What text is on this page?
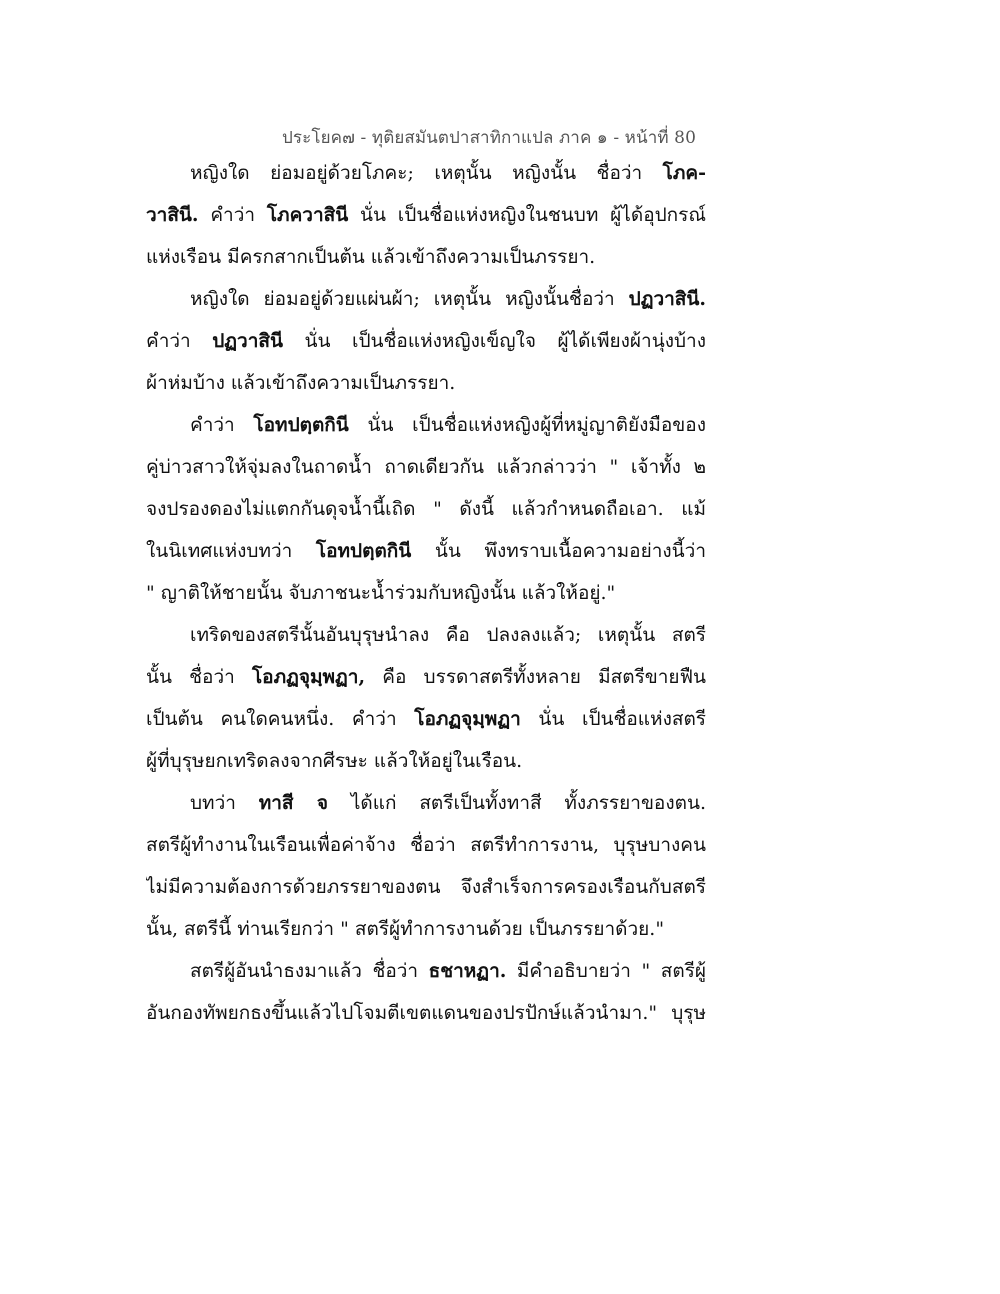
ประโยค๗ - ทุติยสมันตปาสาทิกาแปล ภาค ๑ - หน้าที่ 80
หญิงใด ย่อมอยู่ด้วยโภคะ; เหตุนั้น หญิงนั้น ชื่อว่า โภค-
วาสินี. คำว่า โภควาสินี นั่น เป็นชื่อแห่งหญิงในชนบท ผู้ได้อุปกรณ์
แห่งเรือน มีครกสากเป็นต้น แล้วเข้าถึงความเป็นภรรยา.
หญิงใด ย่อมอยู่ด้วยแผ่นผ้า; เหตุนั้น หญิงนั้นชื่อว่า ปฏวาสินี.
คำว่า ปฏวาสินี นั่น เป็นชื่อแห่งหญิงเข็ญใจ ผู้ได้เพียงผ้านุ่งบ้าง
ผ้าห่มบ้าง แล้วเข้าถึงความเป็นภรรยา.
คำว่า โอทปตฺตกินี นั่น เป็นชื่อแห่งหญิงผู้ที่หมู่ญาติยังมือของ
คู่บ่าวสาวให้จุ่มลงในถาดน้ำ ถาดเดียวกัน แล้วกล่าวว่า " เจ้าทั้ง ๒
จงปรองดองไม่แตกกันดุจน้ำนี้เถิด " ดังนี้ แล้วกำหนดถือเอา. แม้
ในนิเทศแห่งบทว่า โอทปตฺตกินี นั้น พึงทราบเนื้อความอย่างนี้ว่า
" ญาติให้ชายนั้น จับภาชนะน้ำร่วมกับหญิงนั้น แล้วให้อยู่."
เทริดของสตรีนั้นอันบุรุษนำลง คือ ปลงลงแล้ว; เหตุนั้น สตรี
นั้น ชื่อว่า โอภฏจุมฺพฏา, คือ บรรดาสตรีทั้งหลาย มีสตรีขายฟืน
เป็นต้น คนใดคนหนึ่ง. คำว่า โอภฏจุมฺพฏา นั่น เป็นชื่อแห่งสตรี
ผู้ที่บุรุษยกเทริดลงจากศีรษะ แล้วให้อยู่ในเรือน.
บทว่า ทาสี จ ได้แก่ สตรีเป็นทั้งทาสี ทั้งภรรยาของตน.
สตรีผู้ทำงานในเรือนเพื่อค่าจ้าง ชื่อว่า สตรีทำการงาน, บุรุษบางคน
ไม่มีความต้องการด้วยภรรยาของตน จึงสำเร็จการครองเรือนกับสตรี
นั้น, สตรีนี้ ท่านเรียกว่า " สตรีผู้ทำการงานด้วย เป็นภรรยาด้วย."
สตรีผู้อันนำธงมาแล้ว ชื่อว่า ธชาหฏา. มีคำอธิบายว่า " สตรีผู้
อันกองทัพยกธงขึ้นแล้วไปโจมตีเขตแดนของปรปักษ์แล้วนำมา." บุรุษ
